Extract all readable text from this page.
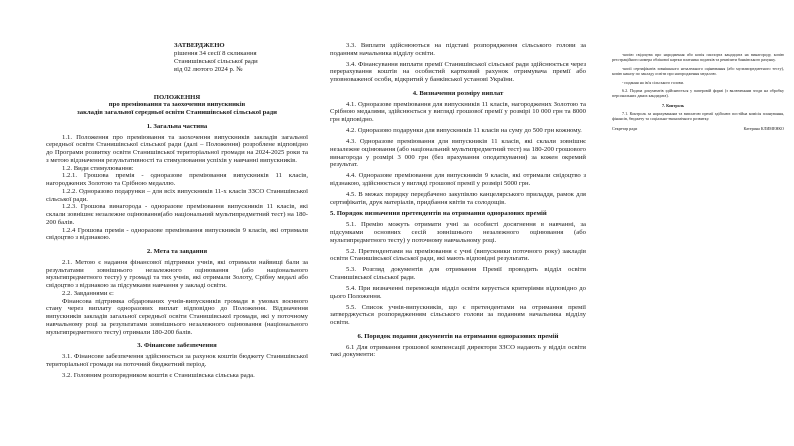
ЗАТВЕРДЖЕНО

рішення 34 сесії 8 скликання

Станишівської сільської ради

від 02 лютого 2024 р. №

ПОЛОЖЕННЯ

про преміювання та заохочення випускників

закладів загальної середньої освіти Станишівської сільської ради

1. Загальна частина

1.1. Положення про преміювання та заохочення випускників закладів загальної середньої освіти Станишівської сільської ради (далі – Положення) розроблене відповідно до Програми розвитку освіти Станишівської територіальної громади на 2024-2025 роки та з метою відзначення результативності та стимулювання успіхів у навчанні випускників.

1.2. Види стимулювання:

1.2.1. Грошова премія - одноразове преміювання випускників 11 класів, нагороджених Золотою та Срібною медаллю.

1.2.2. Одноразово подарунки – для всіх випускників 11-х класів ЗЗСО Станишівської сільської ради.

1.2.3. Грошова винагорода - одноразове преміювання випускників 11 класів, які склали зовнішнє незалежне оцінювання(або національний мультипредметний тест) на 180-200 балів.

1.2.4 Грошова премія - одноразове преміювання випускників 9 класів, які отримали свідоцтво з відзнакою.

2. Мета та завдання

2.1. Метою є надання фінансової підтримки учнів, які отримали найвищі бали за результатами зовнішнього незалежного оцінювання (або національного мультипредметного тесту) у громаді та тих учнів, які отримали Золоту, Срібну медалі або свідоцтво з відзнакою за підсумками навчання у закладі освіти.

2.2. Завданнями є:

Фінансова підтримка обдарованих учнів-випускників громади в умовах воєнного стану через виплату одноразових виплат відповідно до Положення. Відзначення випускників закладів загальної середньої освіти Станишівської громади, які у поточному навчальному році за результатами зовнішнього незалежного оцінювання (національного мультипредметного тесту) отримали 180-200 балів.

3. Фінансове забезпечення

3.1. Фінансове забезпечення здійснюється за рахунок коштів бюджету Станишівської територіальної громади на поточний бюджетний період.

3.2. Головним розпорядником коштів є Станишівська сільська рада.

3.3. Виплати здійснюються на підставі розпорядження сільського голови за поданням начальника відділу освіти.

3.4. Фінансування виплати премії Станишівської сільської ради здійснюється через перерахування коштів на особистий картковий рахунок отримувача премії або уповноваженої особи, відкритий у банківської установі України.

4. Визначення розміру виплат

4.1. Одноразове преміювання для випускників 11 класів, нагороджених Золотою та Срібною медалями, здійснюється у вигляді грошової премії у розмірі 10 000 грн та 8000 грн відповідно.

4.2. Одноразово подарунки для випускників 11 класів на суму до 500 грн кожному.

4.3. Одноразове преміювання для випускників 11 класів, які склали зовнішнє незалежне оцінювання (або національний мультипредметний тест) на 180-200 грошового винагорода у розмірі 3 000 грн (без врахування оподаткування) за кожен окремий результат.

4.4. Одноразове преміювання для випускників 9 класів, які отримали свідоцтво з відзнакою, здійснюється у вигляді грошової премії у розмірі 5000 грн.

4.5. В межах порядку передбачено закупівлю канцелярського приладдя, рамок для сертифікатів, друк матеріалів, придбання квітів та солодощів.

5. Порядок визначення претендентів на отримання одноразових премій

5.1. Премію можуть отримати учні за особисті досягнення в навчанні, за підсумками основних сесій зовнішнього незалежного оцінювання (або мультипредметного тесту) у поточному навчальному році.

5.2. Претендентами на преміювання є учні (випускники поточного року) закладів освіти Станишівської сільської ради, які мають відповідні результати.

5.3. Розгляд документів для отримання Премії проводить відділ освіти Станишівської сільської ради.

5.4. При визначенні переможців відділ освіти керується критеріями відповідно до цього Положення.

5.5. Список учнів-випускників, що є претендентами на отримання премії затверджується розпорядженням сільського голови за поданням начальника відділу освіти.

6. Порядок подання документів на отримання одноразових премій

6.1 Для отримання грошової компенсації директори ЗЗСО надають у відділ освіти такі документи:

-копію свідоцтва про народження або копія паспорта кандидата на винагороду, копію реєстраційного номера облікової картки платника податків та реквізити банківського рахунку.

-копії сертифікатів зовнішнього незалежного оцінювання (або мультипредметного тесту), копію наказу по закладу освіти про нагородження медаллю.

- подання на ім'я сільського голови.

6.2. Подача документів здійснюється у паперовій формі (з включенням згоди на обробку персональних даних кандидата).

7. Контроль

7.1. Контроль за нарахуванням та виплатою премії здійснює постійна комісія планування, фінансів, бюджету та соціально-економічного розвитку.

Секретар ради	Катерина КЛИМЕНКО
